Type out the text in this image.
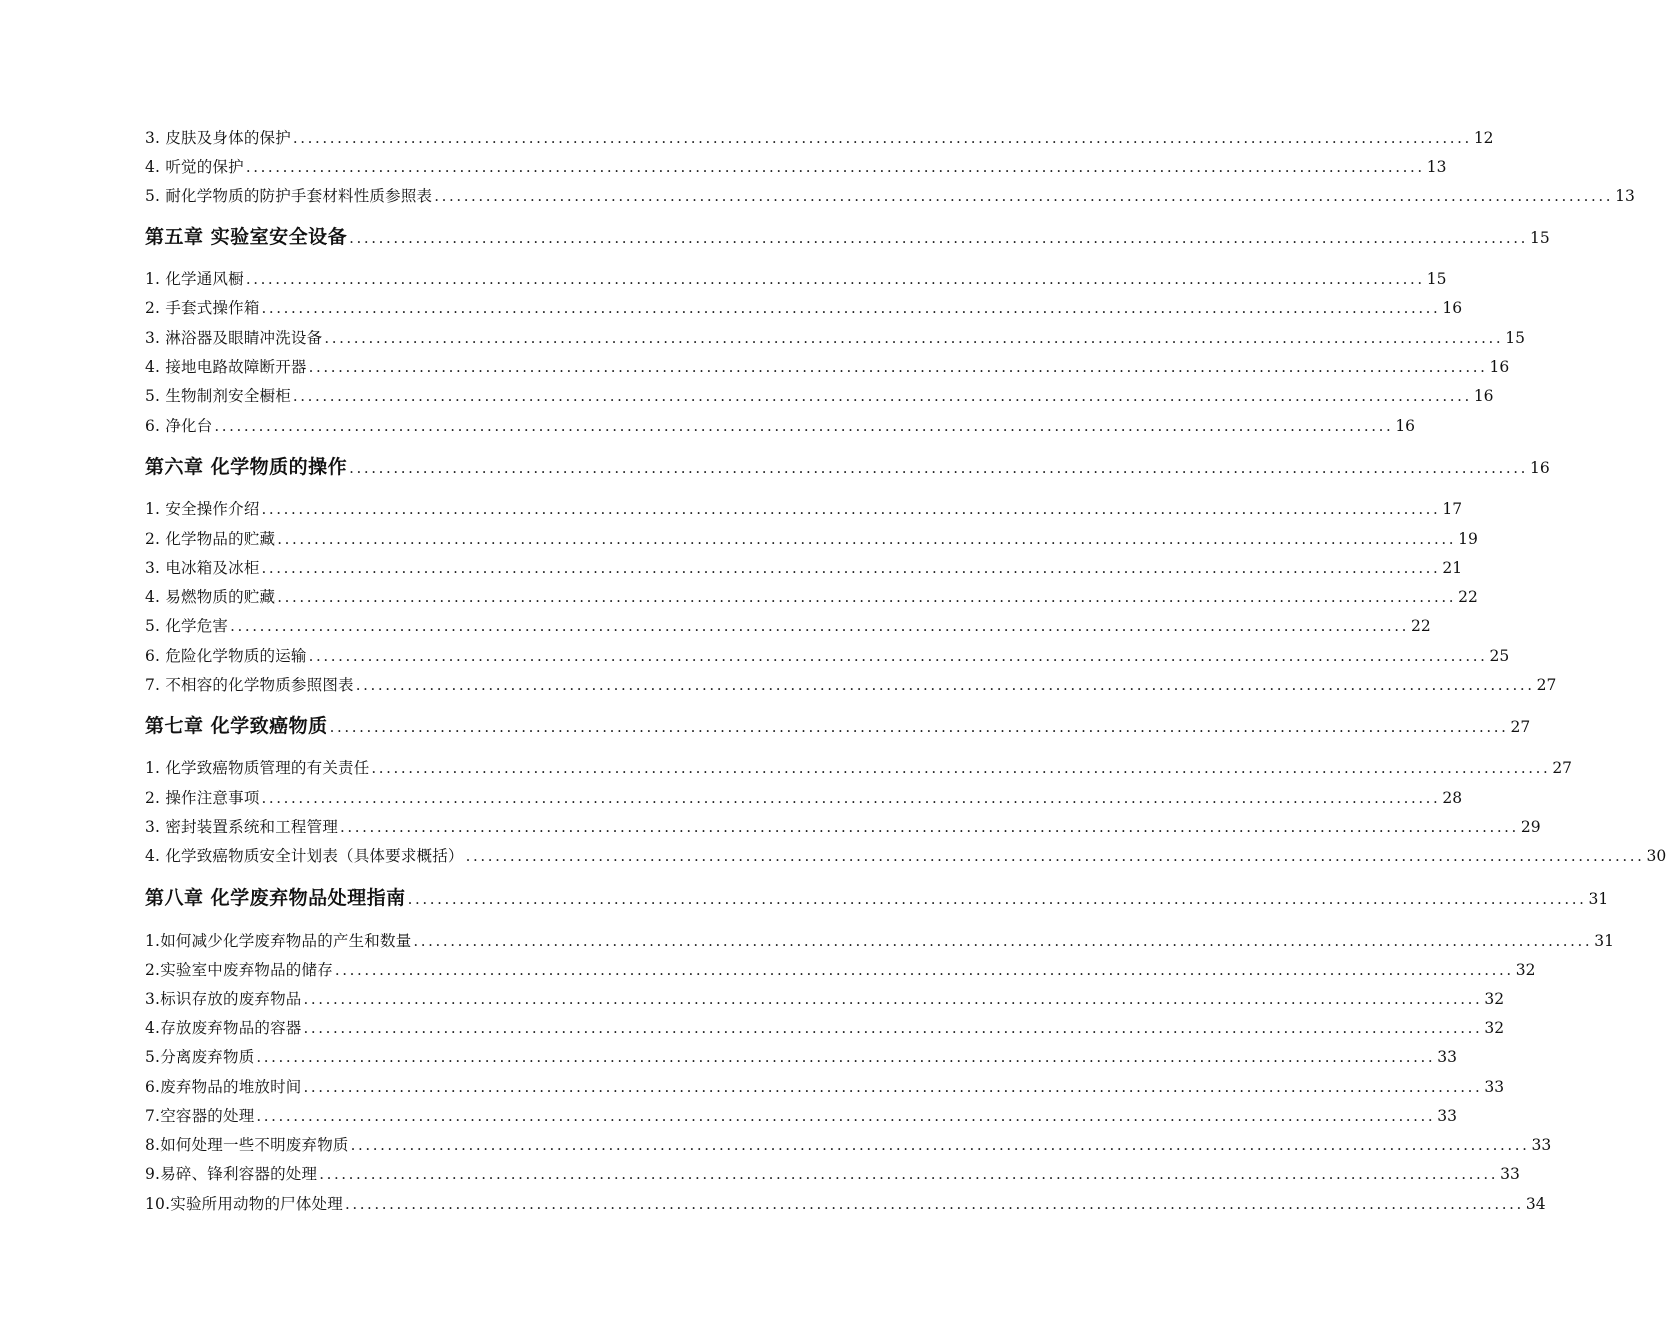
3. 皮肤及身体的保护 ................................................................................................................................................................ 12
4. 听觉的保护 ................................................................................................................................................................ 13
5. 耐化学物质的防护手套材料性质参照表 ................................................................................................................................................................ 13
第五章 实验室安全设备 ................................................................................................................................................................ 15
1. 化学通风橱 ................................................................................................................................................................ 15
2. 手套式操作箱 ................................................................................................................................................................ 16
3. 淋浴器及眼睛冲洗设备 ................................................................................................................................................................ 15
4. 接地电路故障断开器 ................................................................................................................................................................ 16
5. 生物制剂安全橱柜 ................................................................................................................................................................ 16
6. 净化台 ................................................................................................................................................................ 16
第六章 化学物质的操作 ................................................................................................................................................................ 16
1. 安全操作介绍 ................................................................................................................................................................ 17
2. 化学物品的贮藏 ................................................................................................................................................................ 19
3. 电冰箱及冰柜 ................................................................................................................................................................ 21
4. 易燃物质的贮藏 ................................................................................................................................................................ 22
5. 化学危害 ................................................................................................................................................................ 22
6. 危险化学物质的运输 ................................................................................................................................................................ 25
7. 不相容的化学物质参照图表 ................................................................................................................................................................ 27
第七章 化学致癌物质 ................................................................................................................................................................ 27
1. 化学致癌物质管理的有关责任 ................................................................................................................................................................ 27
2. 操作注意事项 ................................................................................................................................................................ 28
3. 密封装置系统和工程管理 ................................................................................................................................................................ 29
4. 化学致癌物质安全计划表（具体要求概括） ................................................................................................................................................................ 30
第八章 化学废弃物品处理指南 ................................................................................................................................................................ 31
1.如何减少化学废弃物品的产生和数量 ................................................................................................................................................................ 31
2.实验室中废弃物品的储存 ................................................................................................................................................................ 32
3.标识存放的废弃物品 ................................................................................................................................................................ 32
4.存放废弃物品的容器 ................................................................................................................................................................ 32
5.分离废弃物质 ................................................................................................................................................................ 33
6.废弃物品的堆放时间 ................................................................................................................................................................ 33
7.空容器的处理 ................................................................................................................................................................ 33
8.如何处理一些不明废弃物质 ................................................................................................................................................................ 33
9.易碎、锋利容器的处理 ................................................................................................................................................................ 33
10.实验所用动物的尸体处理 ................................................................................................................................................................ 34
